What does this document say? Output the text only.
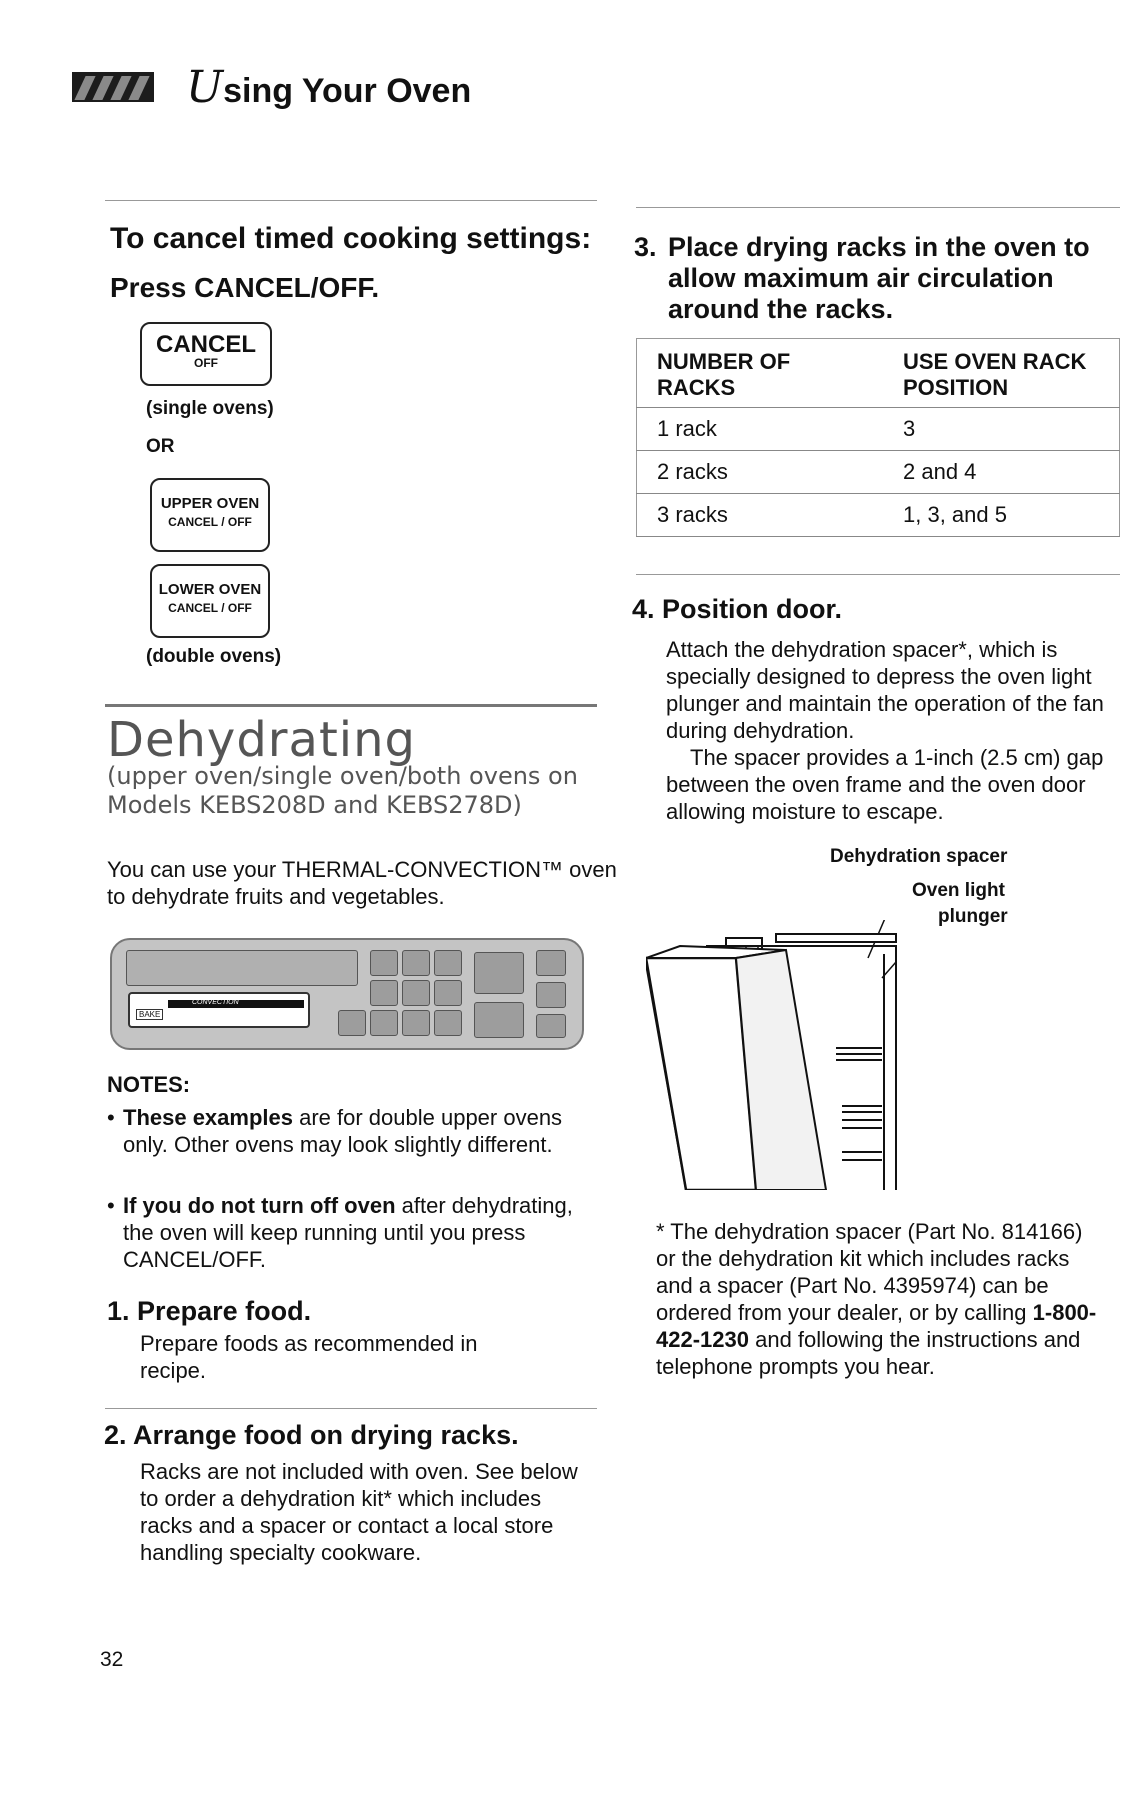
Using Your Oven
To cancel timed cooking settings:
Press CANCEL/OFF.
CANCEL
OFF
(single ovens)
OR
UPPER OVEN
CANCEL / OFF
LOWER OVEN
CANCEL / OFF
(double ovens)
Dehydrating
(upper oven/single oven/both ovens on Models KEBS208D and KEBS278D)
You can use your THERMAL-CONVECTION™ oven to dehydrate fruits and vegetables.
CONVECTION
BAKE
NOTES:
• These examples are for double upper ovens only. Other ovens may look slightly different.
• If you do not turn off oven after dehydrating, the oven will keep running until you press CANCEL/OFF.
1. Prepare food.
Prepare foods as recommended in recipe.
2. Arrange food on drying racks.
Racks are not included with oven. See below to order a dehydration kit* which includes racks and a spacer or contact a local store handling specialty cookware.
32
3. Place drying racks in the oven to allow maximum air circulation around the racks.
NUMBER OF RACKS	USE OVEN RACK POSITION

1 rack	3
2 racks	2 and 4
3 racks	1, 3, and 5
4. Position door.
Attach the dehydration spacer*, which is specially designed to depress the oven light plunger and maintain the operation of the fan during dehydration.
The spacer provides a 1-inch (2.5 cm) gap between the oven frame and the oven door allowing moisture to escape.
Dehydration spacer
Oven light
plunger
* The dehydration spacer (Part No. 814166) or the dehydration kit which includes racks and a spacer (Part No. 4395974) can be ordered from your dealer, or by calling 1-800-422-1230 and following the instructions and telephone prompts you hear.
